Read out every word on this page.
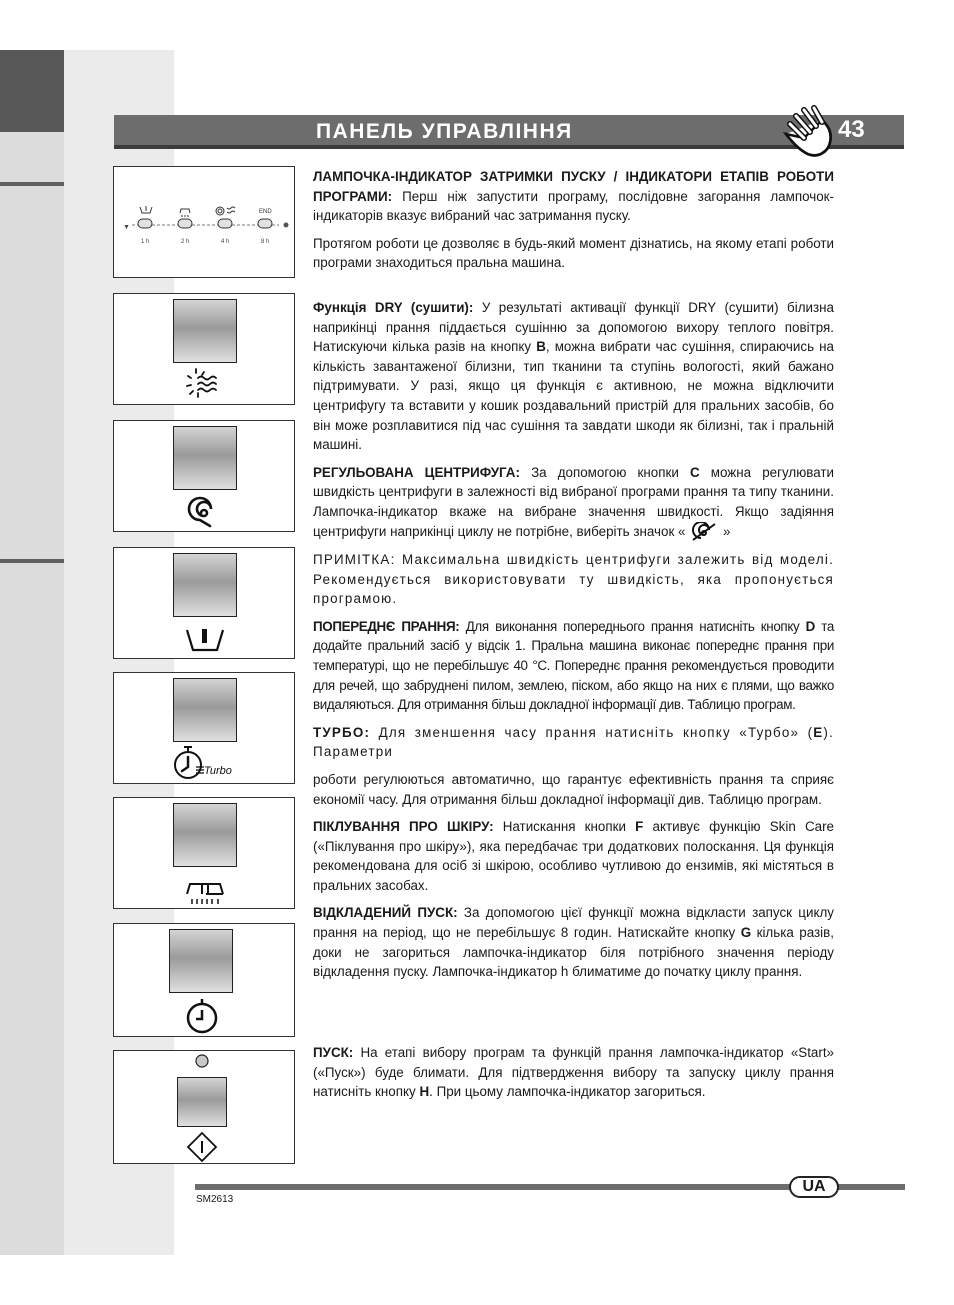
ПАНЕЛЬ УПРАВЛІННЯ	43
▼
END
1 h	2 h	4 h	8 h
Turbo

ЛАМПОЧКА-ІНДИКАТОР ЗАТРИМКИ ПУСКУ / ІНДИКАТОРИ ЕТАПІВ РОБОТИ ПРОГРАМИ: Перш ніж запустити програму, послідовне загорання лампочок-індикаторів вказує вибраний час затримання пуску.

Протягом роботи це дозволяє в будь-який момент дізнатись, на якому етапі роботи програми знаходиться пральна машина.

Функція DRY (сушити): У результаті активації функції DRY (сушити) білизна наприкінці прання піддається сушінню за допомогою вихору теплого повітря. Натискуючи кілька разів на кнопку B, можна вибрати час сушіння, спираючись на кількість завантаженої білизни, тип тканини та ступінь вологості, який бажано підтримувати. У разі, якщо ця функція є активною, не можна відключити центрифугу та вставити у кошик роздавальний пристрій для пральних засобів, бо він може розплавитися під час сушіння та завдати шкоди як білизні, так і пральній машині.

РЕГУЛЬОВАНА ЦЕНТРИФУГА: За допомогою кнопки C можна регулювати швидкість центрифуги в залежності від вибраної програми прання та типу тканини. Лампочка-індикатор вкаже на вибране значення швидкості. Якщо задіяння центрифуги наприкінці циклу не потрібне, виберіть значок «	»

ПРИМІТКА: Максимальна швидкість центрифуги залежить від моделі. Рекомендується використовувати ту швидкість, яка пропонується програмою.

ПОПЕРЕДНЄ ПРАННЯ: Для виконання попереднього прання натисніть кнопку D та додайте пральний засіб у відсік 1. Пральна машина виконає попереднє прання при температурі, що не перебільшує 40 °С. Попереднє прання рекомендується проводити для речей, що забруднені пилом, землею, піском, або якщо на них є плями, що важко видаляються. Для отримання більш докладної інформації див. Таблицю програм.

ТУРБО: Для зменшення часу прання натисніть кнопку «Турбо» (E). Параметри

роботи регулюються автоматично, що гарантує ефективність прання та сприяє економії часу. Для отримання більш докладної інформації див. Таблицю програм.

ПІКЛУВАННЯ ПРО ШКІРУ: Натискання кнопки F активує функцію Skin Care («Піклування про шкіру»), яка передбачає три додаткових полоскання. Ця функція рекомендована для осіб зі шкірою, особливо чутливою до ензимів, які містяться в пральних засобах.

ВІДКЛАДЕНИЙ ПУСК: За допомогою цієї функції можна відкласти запуск циклу прання на період, що не перебільшує 8 годин. Натискайте кнопку G кілька разів, доки не загориться лампочка-індикатор біля потрібного значення періоду відкладення пуску. Лампочка-індикатор h блиматиме до початку циклу прання.

ПУСК: На етапі вибору програм та функцій прання лампочка-індикатор «Start» («Пуск») буде блимати. Для підтвердження вибору та запуску циклу прання натисніть кнопку H. При цьому лампочка-індикатор загориться.

UA
SM2613
